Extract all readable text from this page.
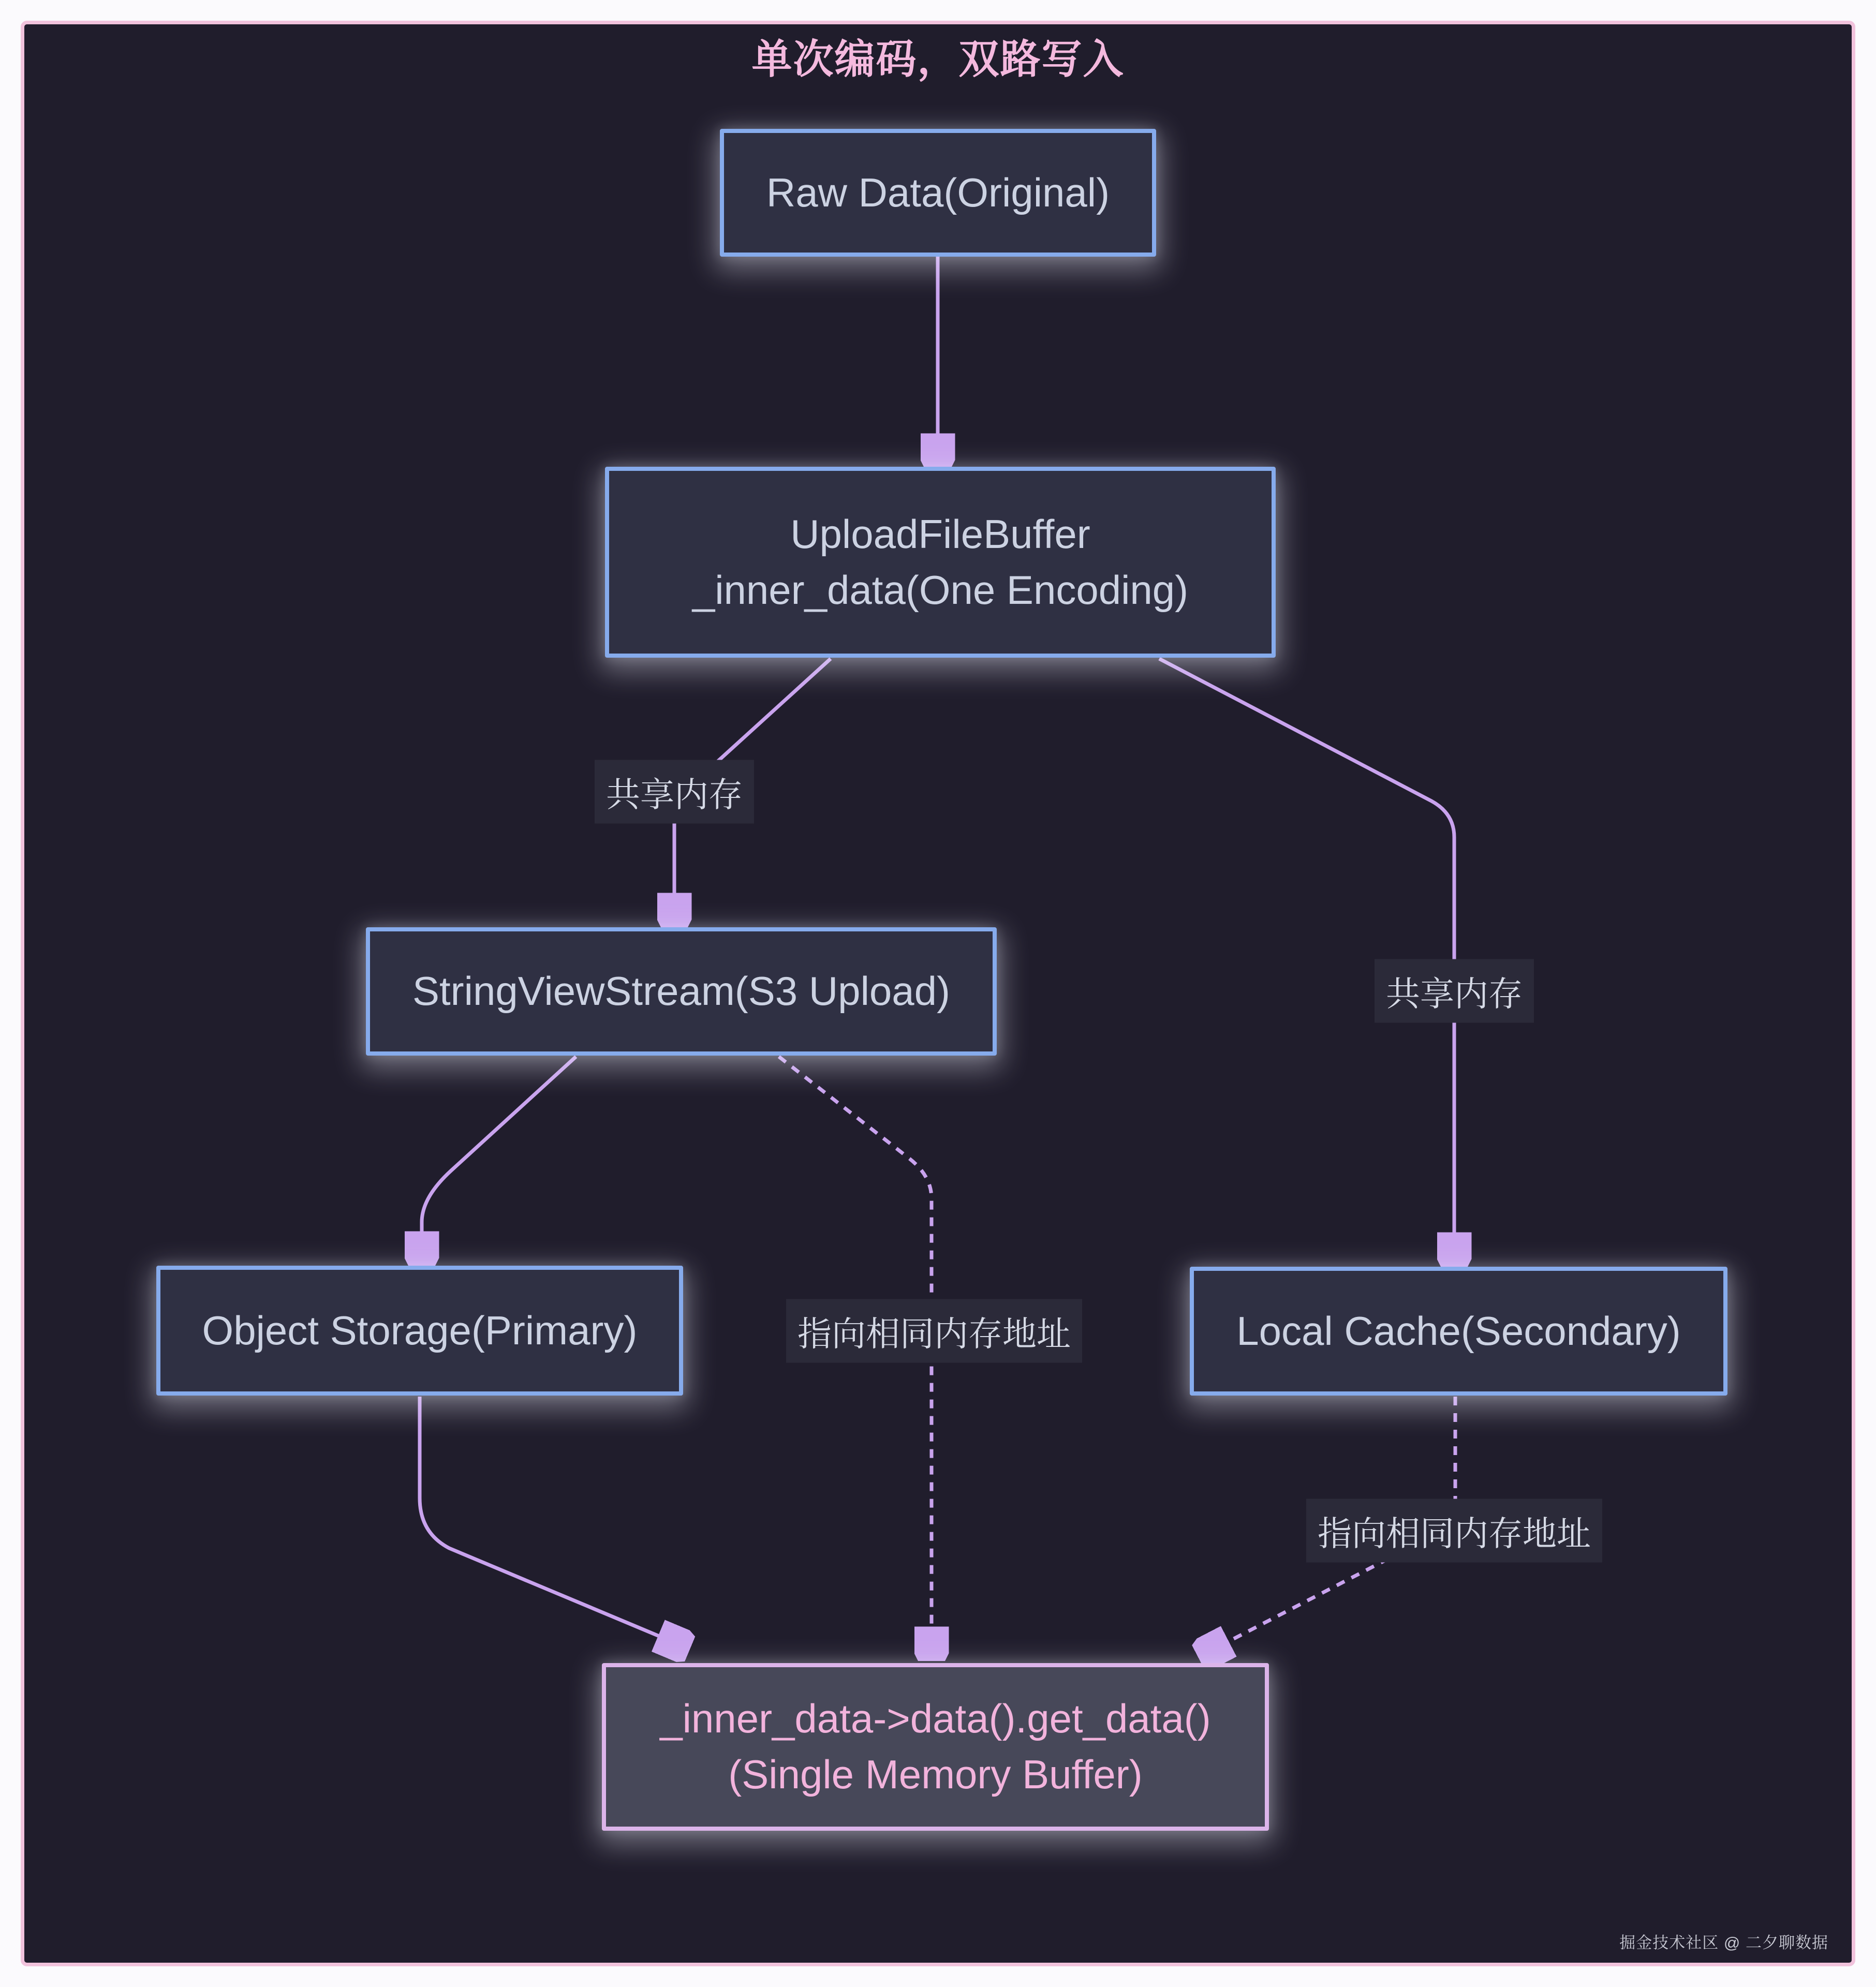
单次编码，双路写入
共享内存
共享内存
指向相同内存地址
指向相同内存地址
Raw Data(Original)
UploadFileBuffer
_inner_data(One Encoding)
StringViewStream(S3 Upload)
Object Storage(Primary)	Local Cache(Secondary)
_inner_data->data().get_data()
(Single Memory Buffer)
掘金技术社区 @ 二夕聊数据
